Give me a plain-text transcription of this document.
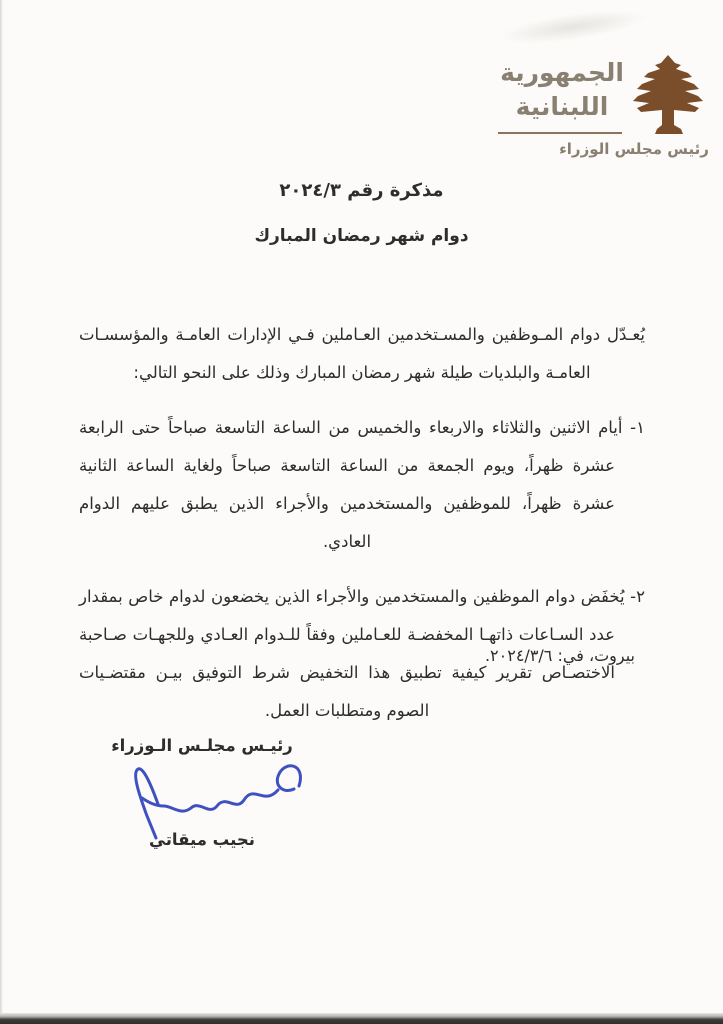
الجمهورية
اللبنانية
رئيس مجلس الوزراء
مذكرة رقم ٢٠٢٤/٣
دوام شهر رمضان المبارك

يُعـدّل دوام المـوظفين والمسـتخدمين العـاملين فـي الإدارات العامـة والمؤسسـات العامـة والبلديات طيلة شهر رمضان المبارك وذلك على النحو التالي:

١- أيام الاثنين والثلاثاء والاربعاء والخميس من الساعة التاسعة صباحاً حتى الرابعة عشرة ظهراً، ويوم الجمعة من الساعة التاسعة صباحاً ولغاية الساعة الثانية عشرة ظهراً، للموظفين والمستخدمين والأجراء الذين يطبق عليهم الدوام العادي.

٢- يُخفَض دوام الموظفين والمستخدمين والأجراء الذين يخضعون لدوام خاص بمقدار عدد السـاعات ذاتهـا المخفضـة للعـاملين وفقاً للـدوام العـادي وللجهـات صـاحبة الاختصـاص تقرير كيفية تطبيق هذا التخفيض شرط التوفيق بيـن مقتضـيات الصوم ومتطلبات العمل.

بيروت، في: ٢٠٢٤/٣/٦.
رئيـس مجلـس الـوزراء
نجيب ميقاتي
